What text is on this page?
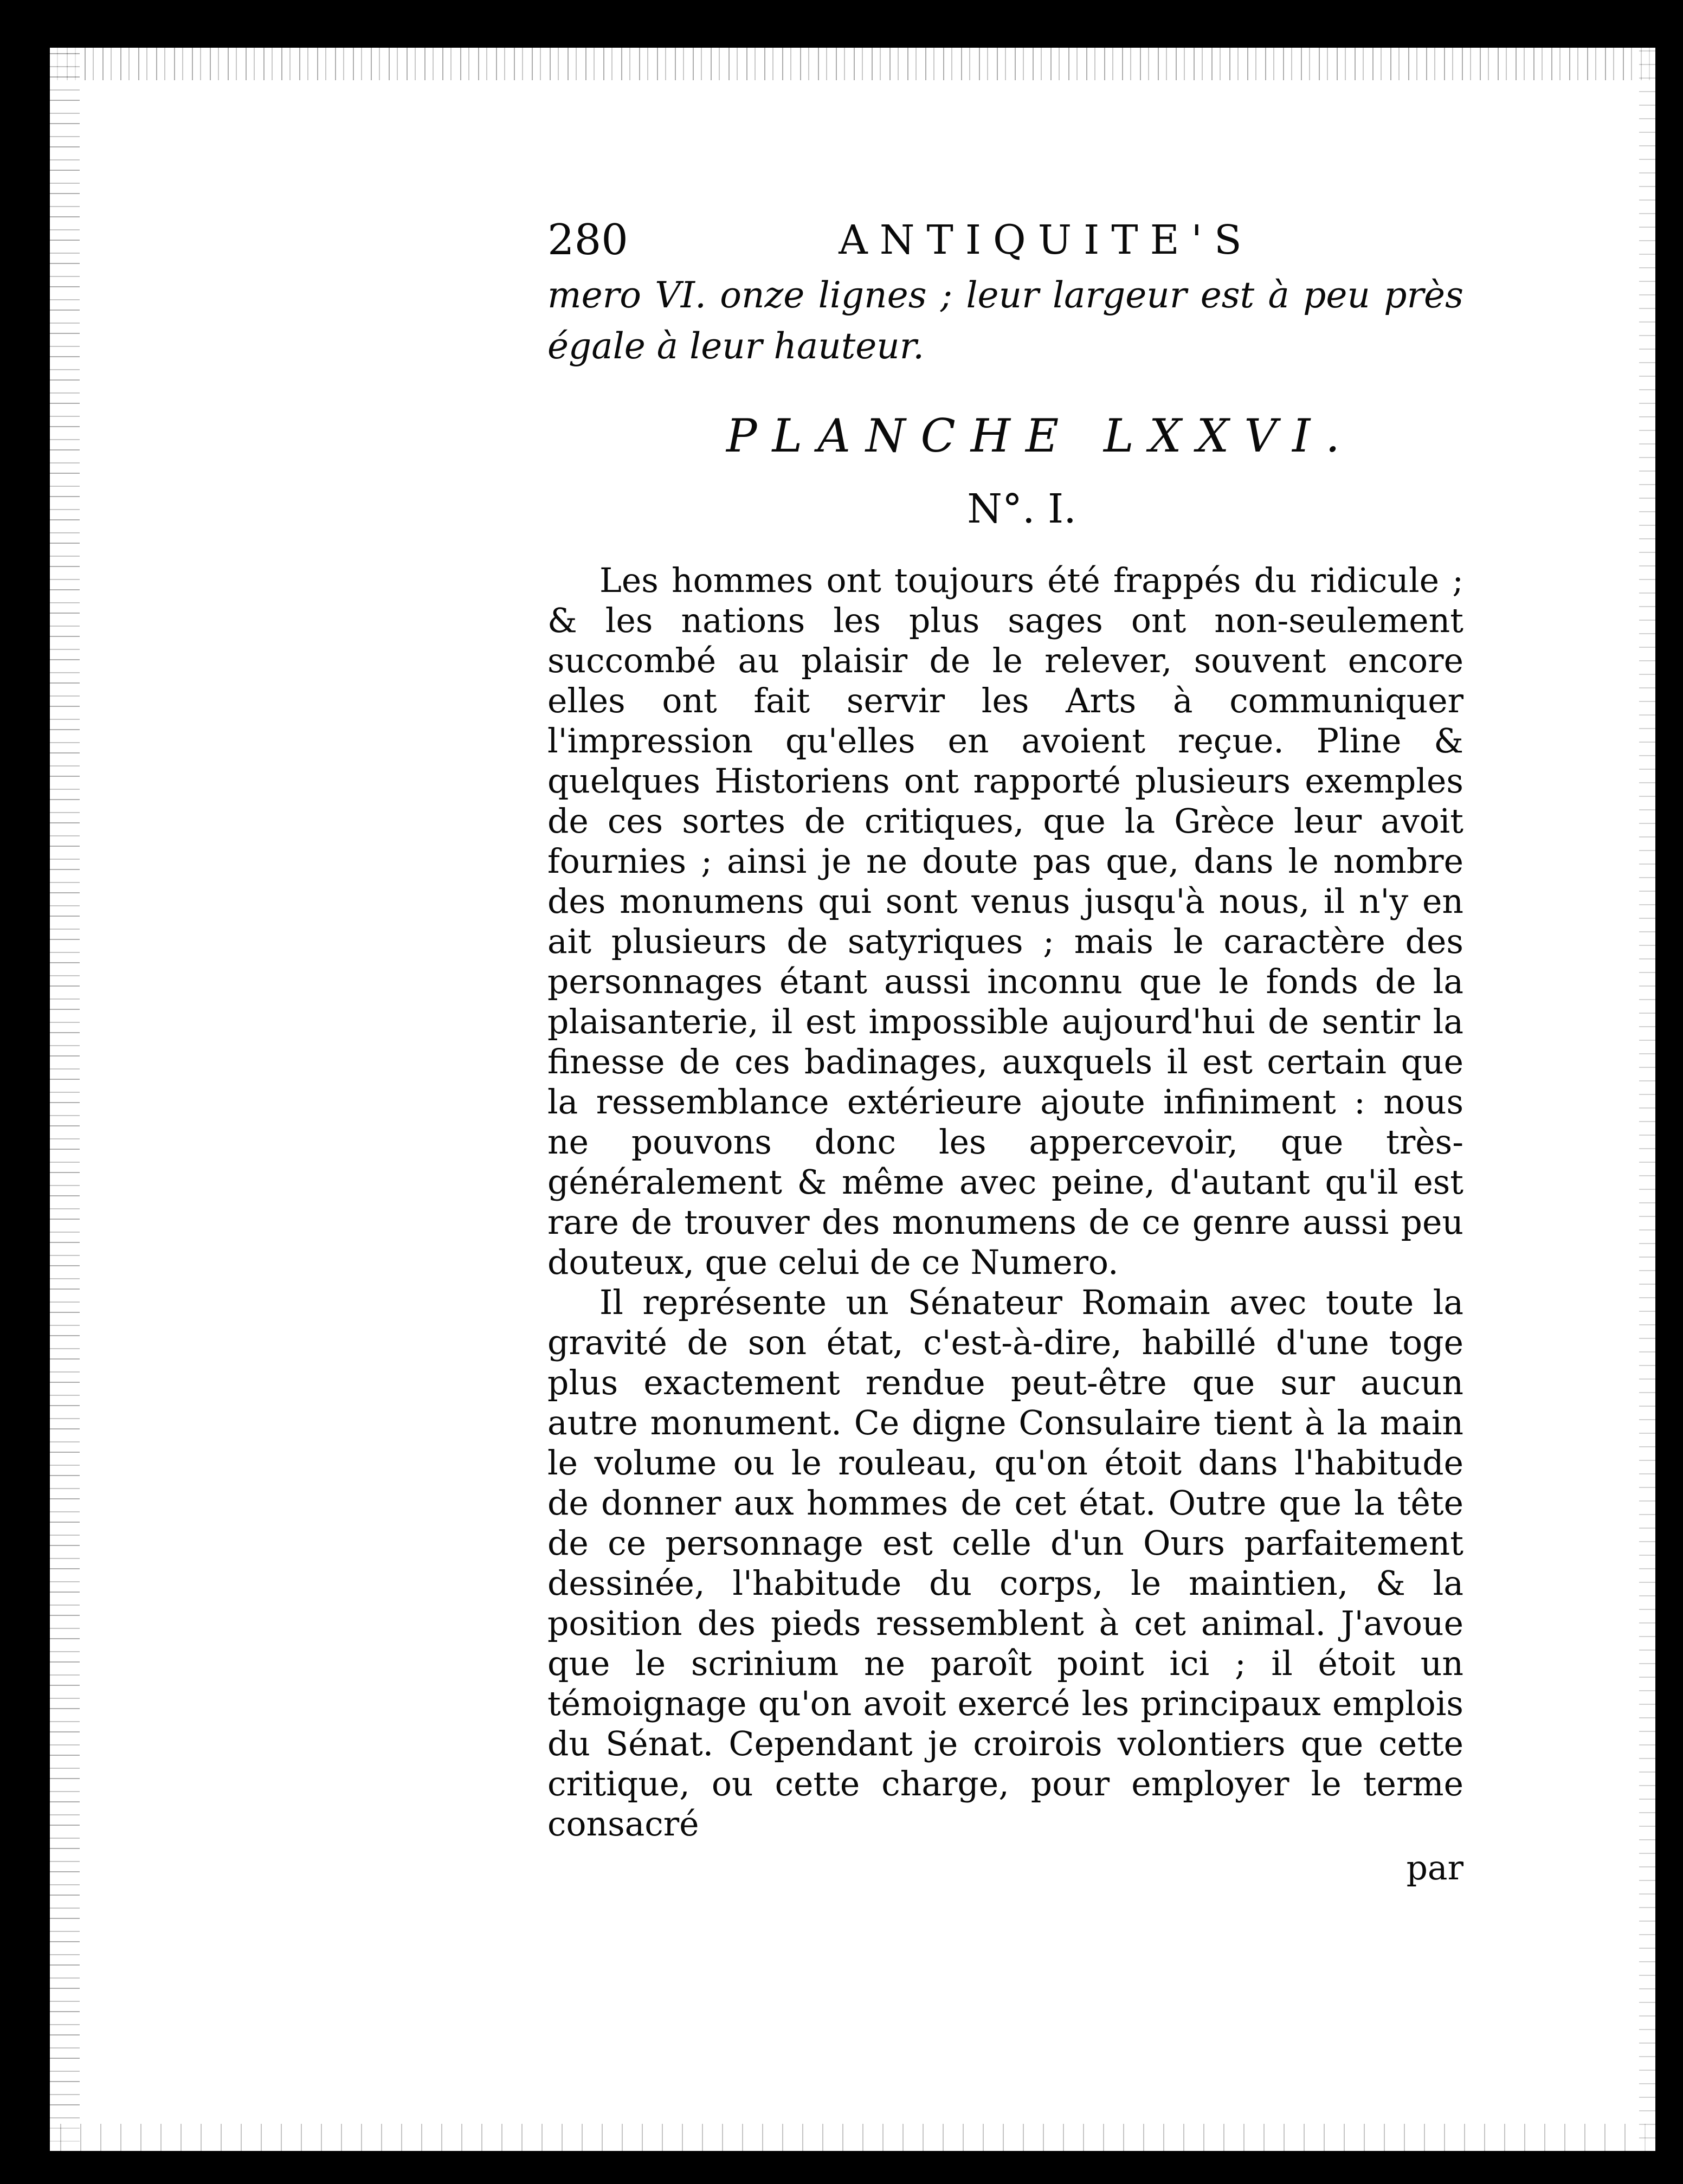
280	ANTIQUITE'S

mero VI. onze lignes ; leur largeur est à peu près égale à leur hauteur.

PLANCHE LXXVI.
N°. I.

Les hommes ont toujours été frappés du ridicule ; & les nations les plus sages ont non-seulement succombé au plaisir de le relever, souvent encore elles ont fait servir les Arts à communiquer l'impression qu'elles en avoient reçue. Pline & quelques Historiens ont rapporté plusieurs exemples de ces sortes de critiques, que la Grèce leur avoit fournies ; ainsi je ne doute pas que, dans le nombre des monumens qui sont venus jusqu'à nous, il n'y en ait plusieurs de satyriques ; mais le caractère des personnages étant aussi inconnu que le fonds de la plaisanterie, il est impossible aujourd'hui de sentir la finesse de ces badinages, auxquels il est certain que la ressemblance extérieure ajoute infiniment : nous ne pouvons donc les appercevoir, que très-généralement & même avec peine, d'autant qu'il est rare de trouver des monumens de ce genre aussi peu douteux, que celui de ce Numero.

Il représente un Sénateur Romain avec toute la gravité de son état, c'est-à-dire, habillé d'une toge plus exactement rendue peut-être que sur aucun autre monument. Ce digne Consulaire tient à la main le volume ou le rouleau, qu'on étoit dans l'habitude de donner aux hommes de cet état. Outre que la tête de ce personnage est celle d'un Ours parfaitement dessinée, l'habitude du corps, le maintien, & la position des pieds ressemblent à cet animal. J'avoue que le scrinium ne paroît point ici ; il étoit un témoignage qu'on avoit exercé les principaux emplois du Sénat. Cependant je croirois volontiers que cette critique, ou cette charge, pour employer le terme consacré

par
